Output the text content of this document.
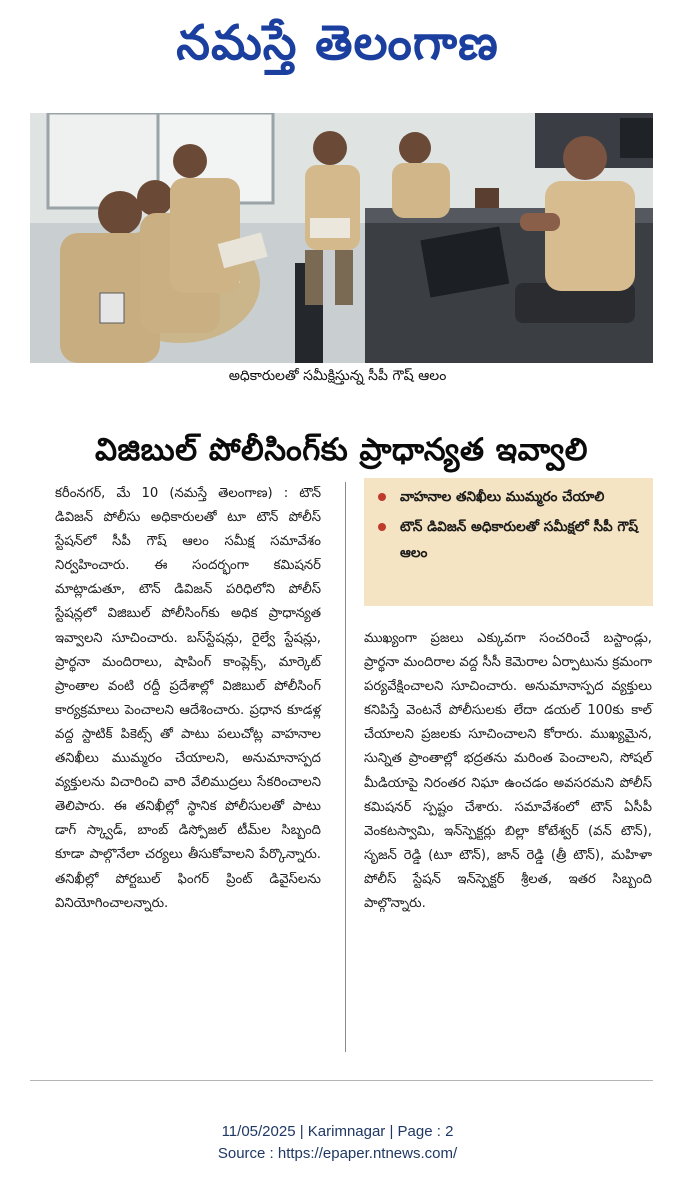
నమస్తే తెలంగాణ
అధికారులతో సమీక్షిస్తున్న సీపీ గౌష్ ఆలం
విజిబుల్ పోలీసింగ్‌కు ప్రాధాన్యత ఇవ్వాలి

కరీంనగర్, మే 10 (నమస్తే తెలంగాణ) : టౌన్ డివిజన్ పోలీసు అధికారులతో టూ టౌన్ పోలీస్ స్టేషన్‌లో సీపీ గౌష్ ఆలం సమీక్ష సమావేశం నిర్వహించారు. ఈ సందర్భంగా కమిషనర్ మాట్లాడుతూ, టౌన్ డివిజన్ పరిధిలోని పోలీస్ స్టేషన్లలో విజిబుల్ పోలీసింగ్‌కు అధిక ప్రాధాన్యత ఇవ్వాలని సూచించారు. బస్‌స్టేషన్లు, రైల్వే స్టేషన్లు, ప్రార్థనా మందిరాలు, షాపింగ్ కాంప్లెక్స్, మార్కెట్ ప్రాంతాల వంటి రద్దీ ప్రదేశాల్లో విజిబుల్ పోలీసింగ్ కార్యక్రమాలు పెంచాలని ఆదేశించారు. ప్రధాన కూడళ్ల వద్ద స్టాటిక్ పికెట్స్ తో పాటు పలుచోట్ల వాహనాల తనిఖీలు ముమ్మరం చేయాలని, అనుమానాస్పద వ్యక్తులను విచారించి వారి వేలిముద్రలు సేకరించాలని తెలిపారు. ఈ తనిఖీల్లో స్థానిక పోలీసులతో పాటు డాగ్ స్క్వాడ్, బాంబ్ డిస్పోజల్ టీమ్‌ల సిబ్బంది కూడా పాల్గొనేలా చర్యలు తీసుకోవాలని పేర్కొన్నారు. తనిఖీల్లో పోర్టబుల్ ఫింగర్ ప్రింట్ డివైస్‌లను వినియోగించాలన్నారు.

వాహనాల తనిఖీలు ముమ్మరం చేయాలి
టౌన్ డివిజన్ అధికారులతో సమీక్షలో సీపీ గౌష్ ఆలం

ముఖ్యంగా ప్రజలు ఎక్కువగా సంచరించే బస్టాండ్లు, ప్రార్థనా మందిరాల వద్ద సీసీ కెమెరాల ఏర్పాటును క్రమంగా పర్యవేక్షించాలని సూచించారు. అనుమానాస్పద వ్యక్తులు కనిపిస్తే వెంటనే పోలీసులకు లేదా డయల్ 100కు కాల్ చేయాలని ప్రజలకు సూచించాలని కోరారు. ముఖ్యమైన, సున్నిత ప్రాంతాల్లో భద్రతను మరింత పెంచాలని, సోషల్ మీడియాపై నిరంతర నిఘా ఉంచడం అవసరమని పోలీస్ కమిషనర్ స్పష్టం చేశారు. సమావేశంలో టౌన్ ఏసీపీ వెంకటస్వామి, ఇన్‌స్పెక్టర్లు బిల్లా కోటేశ్వర్ (వన్ టౌన్), సృజన్ రెడ్డి (టూ టౌన్), జాన్ రెడ్డి (త్రీ టౌన్), మహిళా పోలీస్ స్టేషన్ ఇన్‌స్పెక్టర్ శ్రీలత, ఇతర సిబ్బంది పాల్గొన్నారు.

11/05/2025 | Karimnagar | Page : 2
Source : https://epaper.ntnews.com/
